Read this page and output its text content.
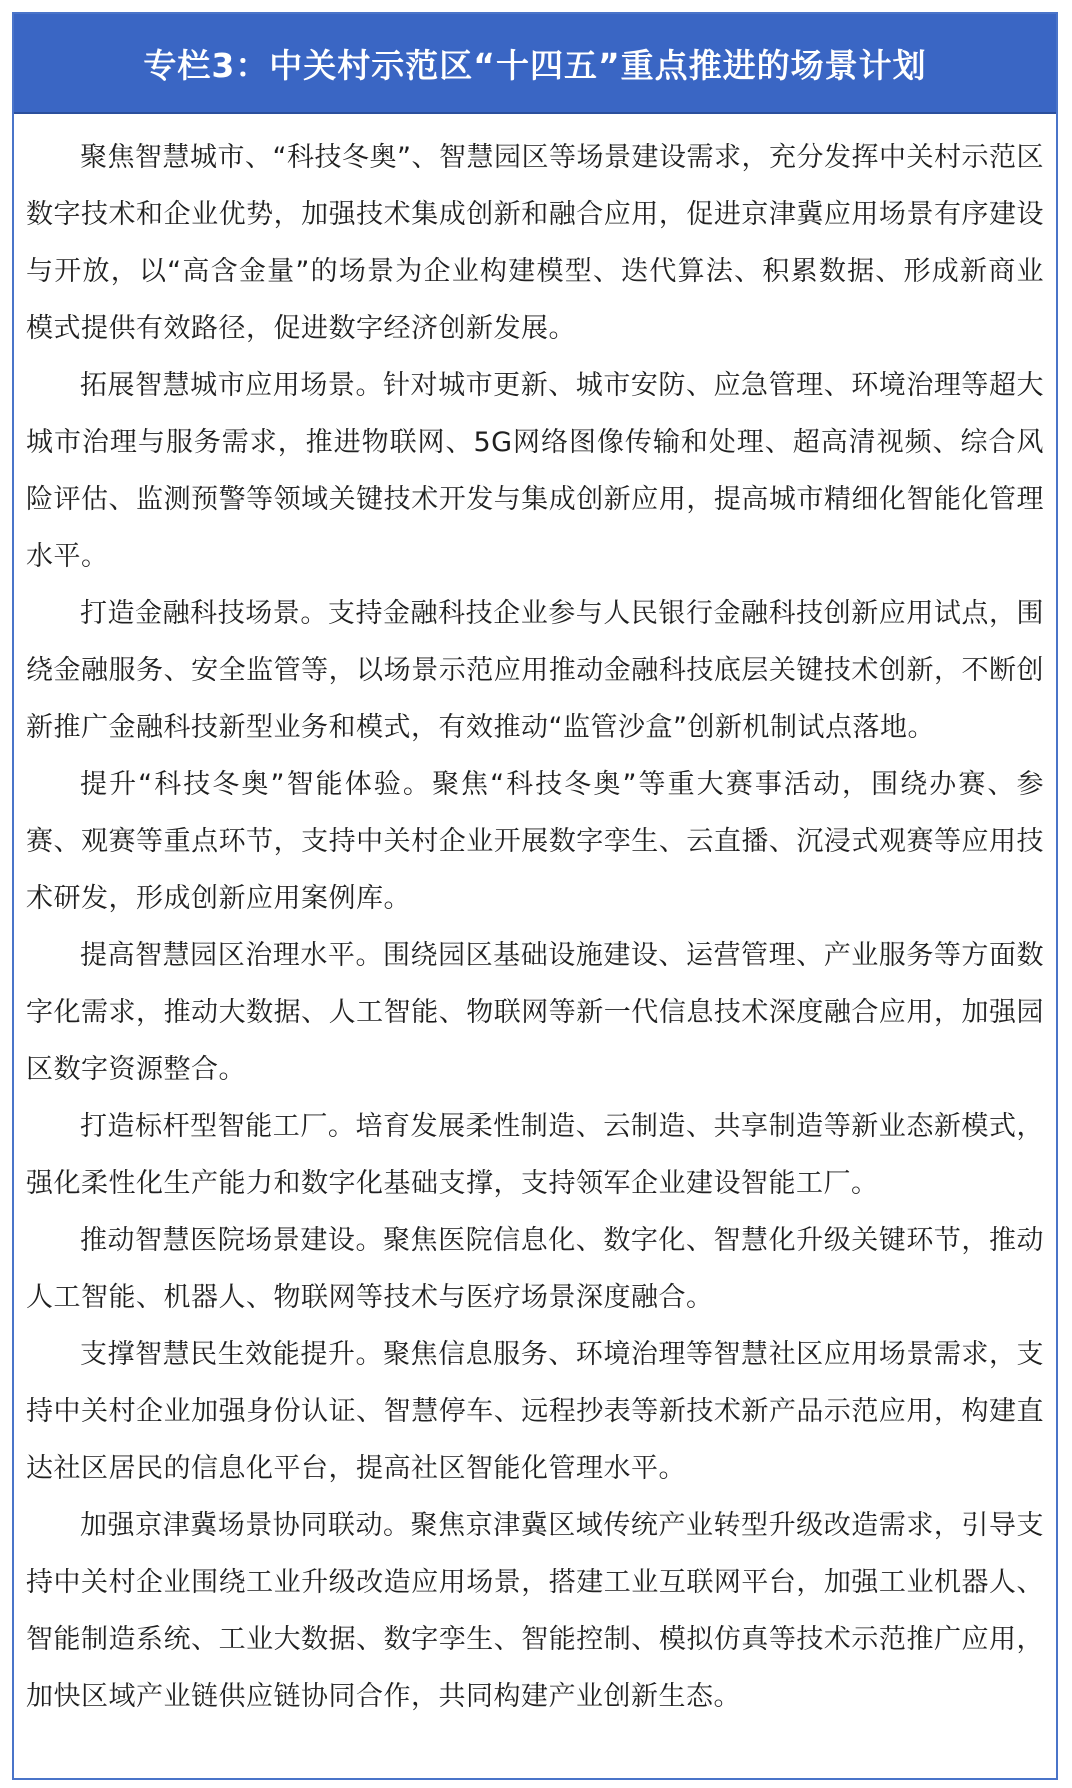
专栏3：中关村示范区“十四五”重点推进的场景计划

聚焦智慧城市、“科技冬奥”、智慧园区等场景建设需求，充分发挥中关村示范区数字技术和企业优势，加强技术集成创新和融合应用，促进京津冀应用场景有序建设与开放，以“高含金量”的场景为企业构建模型、迭代算法、积累数据、形成新商业模式提供有效路径，促进数字经济创新发展。

拓展智慧城市应用场景。针对城市更新、城市安防、应急管理、环境治理等超大城市治理与服务需求，推进物联网、5G网络图像传输和处理、超高清视频、综合风险评估、监测预警等领域关键技术开发与集成创新应用，提高城市精细化智能化管理水平。

打造金融科技场景。支持金融科技企业参与人民银行金融科技创新应用试点，围绕金融服务、安全监管等，以场景示范应用推动金融科技底层关键技术创新，不断创新推广金融科技新型业务和模式，有效推动“监管沙盒”创新机制试点落地。

提升“科技冬奥”智能体验。聚焦“科技冬奥”等重大赛事活动，围绕办赛、参赛、观赛等重点环节，支持中关村企业开展数字孪生、云直播、沉浸式观赛等应用技术研发，形成创新应用案例库。

提高智慧园区治理水平。围绕园区基础设施建设、运营管理、产业服务等方面数字化需求，推动大数据、人工智能、物联网等新一代信息技术深度融合应用，加强园区数字资源整合。

打造标杆型智能工厂。培育发展柔性制造、云制造、共享制造等新业态新模式，强化柔性化生产能力和数字化基础支撑，支持领军企业建设智能工厂。

推动智慧医院场景建设。聚焦医院信息化、数字化、智慧化升级关键环节，推动人工智能、机器人、物联网等技术与医疗场景深度融合。

支撑智慧民生效能提升。聚焦信息服务、环境治理等智慧社区应用场景需求，支持中关村企业加强身份认证、智慧停车、远程抄表等新技术新产品示范应用，构建直达社区居民的信息化平台，提高社区智能化管理水平。

加强京津冀场景协同联动。聚焦京津冀区域传统产业转型升级改造需求，引导支持中关村企业围绕工业升级改造应用场景，搭建工业互联网平台，加强工业机器人、智能制造系统、工业大数据、数字孪生、智能控制、模拟仿真等技术示范推广应用，加快区域产业链供应链协同合作，共同构建产业创新生态。
